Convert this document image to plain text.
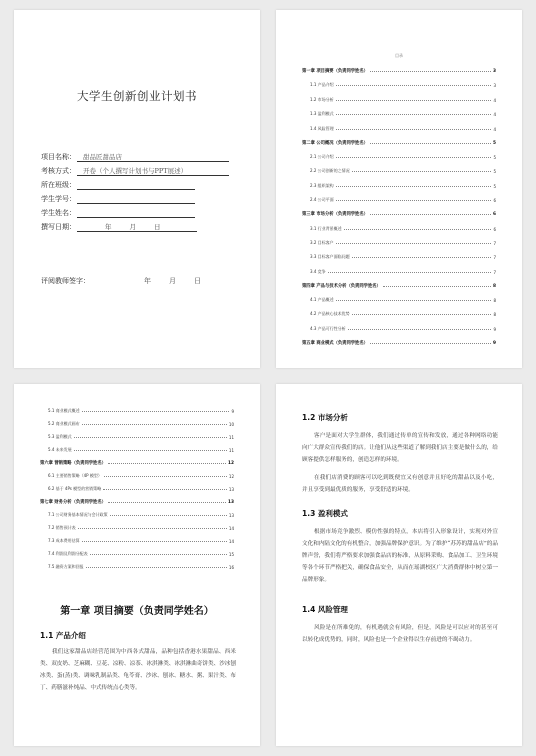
大学生创新创业计划书
项目名称： 甜品匠甜品店
考核方式： 开卷（个人撰写计划书与PPT展述）
所在班级：
学生学号：
学生姓名：
撰写日期：	年	月	日
评阅教师签字：	年	月	日
目录
第一章 项目摘要（负责同学姓名）	3
1.1 产品介绍	3
1.2 市场分析	4
1.3 盈利模式	4
1.4 风险管理	4
第二章 公司概况（负责同学姓名）	5
2.1 公司介绍	5
2.2 公司创新的之情况	5
2.3 组织架构	5
2.4 公司平面	6
第三章 市场分析（负责同学姓名）	6
3.1 行业背景概述	6
3.2 目标客户	7
3.3 目标客户面临问题	7
3.4 竞争	7
第四章 产品与技术分析（负责同学姓名）	8
4.1 产品概述	8
4.2 产品核心技术优势	8
4.3 产品可行性分析	9
第五章 商业模式（负责同学姓名）	9
5.1 商业模式概述	9
5.2 商业模式画布	10
5.3 盈利模式	11
5.4 未来发展	11
第六章 营销策略（负责同学姓名）	12
6.1 主要销售策略（4P 模型）	12
6.2 基于 4Ps 模型的营销策略	13
第七章 财务分析（负责同学姓名）	13
7.1 公司财务基本情况与会计政策	13
7.2 销售预计表	14
7.3 成本费用估算	14
7.4 利润及利润分配表	15
7.5 融资方案和回报	16
第一章 项目摘要（负责同学姓名）
1.1 产品介绍
我们这家甜品店经营范围为中西各式甜品，品种包括香港水果甜品、西米类、双皮奶、芝麻糊、豆花、凉粉、凉茶、冰淇淋类、冰淇淋曲奇饼类、沙冰刨冰类、蛋(蒸)类、调味乳制品类、龟苓膏、沙冰、刨冰、糖水、粥、果汁类、布丁、药膳滋补炖品、中式传统点心类等。
1.2 市场分析
客户是面对大学生群体，我们通过传单的宣传和发放，通过各种网络功能向广大群众宣传我们的店。让他们从这些渠道了解到我们店主要是做什么的，给顾客提供怎样服务的，创造怎样的环境。
在我们店消费的顾客可以吃到既便宜又有创意并且好吃的甜品以及小吃，并且享受到最优质的服务，享受舒适的环境。
1.3 盈利模式
根据市场竞争激烈、模仿性强的特点，本店将引入形象设计，实现对外宣文化和内陆文化的有机整合，加强品牌保护意识。为了维护“苏苏的甜品店”的品牌声誉，我们将严格要求加强食品店的标准，从原料采购、食品加工、卫生环境等各个环节严格把关，确保食品安全，从而在瑶湖校区广大消费群体中树立第一品牌形象。
1.4 风险管理
风险是在所难免的，有机遇就会有风险，但是，风险是可以应对的甚至可以转化成优势的，同时，风险也是一个企业得以生存前进的不竭动力。
